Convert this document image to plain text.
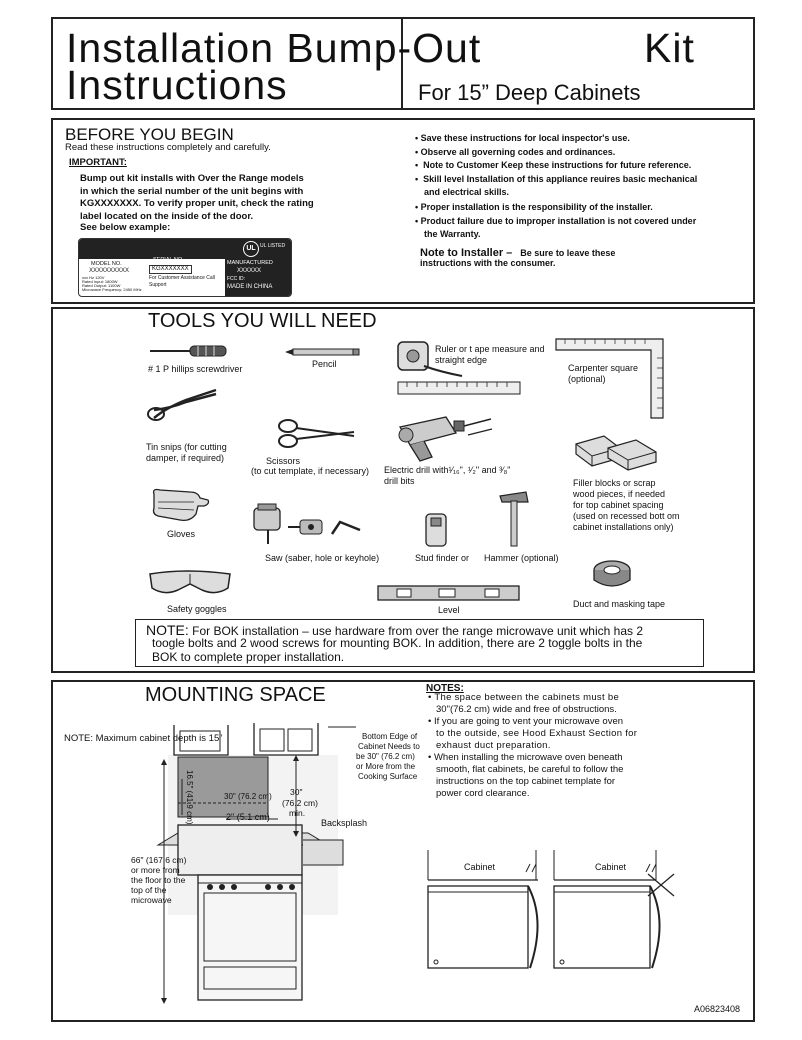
Installation Bump-Out	Kit
Instructions	For 15” Deep Cabinets
BEFORE YOU BEGIN
Read these instructions completely and carefully.
IMPORTANT:
Bump out kit installs with Over the Range models
in which the serial number of the unit begins with
KGXXXXXXX. To verify proper unit, check the rating
label located on the inside of the door.
See below example:
UL UL LISTED
MODEL NO.
XXXXXXXXXX
SERIAL NO.
KGXXXXXXX
MANUFACTURED
XXXXXX
xxx Hz 120V
Rated Input: 1800W
Rated Output: 1100W
Microwave Frequency: 2450 MHz
For Customer Assistance Call
Support
FCC ID:
MADE IN CHINA
• Save these instructions for local inspector's use.
• Observe all governing codes and ordinances.
•  Note to Customer Keep these instructions for future reference.
•  Skill level Installation of this appliance reuires basic mechanical
and electrical skills.
• Proper installation is the responsibility of the installer.
• Product failure due to improper installation is not covered under
the Warranty.
Note to Installer – Be sure to leave these
instructions with the consumer.
TOOLS YOU WILL NEED
# 1 P hillips screwdriver	Pencil
Ruler or t ape measure and
straight edge
Carpenter square
(optional)
Tin snips (for cutting
damper, if required)	Scissors
(to cut template, if necessary) Electric drill with¹⁄₁₆", ¹⁄₂" and ³⁄₈"
drill bits	Filler blocks or scrap
wood pieces, if needed
for top cabinet spacing
(used on recessed bott om
cabinet installations only)
Gloves
Saw (saber, hole or keyhole)	Stud finder or Hammer (optional)
Safety goggles	Level
Duct and masking tape
NOTE: For BOK installation – use hardware from over the range microwave unit which has 2
toogle bolts and 2 wood screws for mounting BOK. In addition, there are 2 toggle bolts in the
BOK to complete proper installation.
MOUNTING SPACE
NOTE: Maximum cabinet depth is 15”
16.5" (41.9 cm)	30" (76.2 cm) 30"
(76.2 cm)
min.
2" (5.1 cm)
Backsplash
Bottom Edge of
Cabinet Needs to
be 30" (76.2 cm)
or More from the
Cooking Surface
66" (167.6 cm)
or more from
the floor to the
top of the
microwave
NOTES:
• The space between the cabinets must be
30"(76.2 cm) wide and free of obstructions.
• If you are going to vent your microwave oven
to the outside, see Hood Exhaust Section for
exhaust duct preparation.
• When installing the microwave oven beneath
smooth, flat cabinets, be careful to follow the
instructions on the top cabinet template for
power cord clearance.
Cabinet	Cabinet
A06823408
